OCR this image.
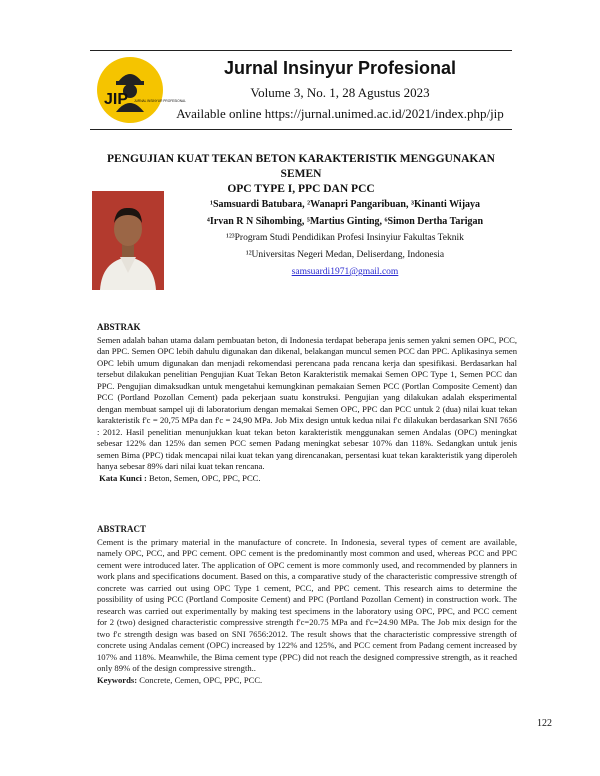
JIP JURNAL INSINYUR PROFESIONAL
Jurnal Insinyur Profesional
Volume 3, No. 1, 28 Agustus 2023
Available online https://jurnal.unimed.ac.id/2021/index.php/jip
PENGUJIAN KUAT TEKAN BETON KARAKTERISTIK MENGGUNAKAN SEMEN
OPC TYPE I, PPC DAN PCC
¹Samsuardi Batubara, ²Wanapri Pangaribuan, ³Kinanti Wijaya
⁴Irvan R N Sihombing, ⁵Martius Ginting, ⁶Simon Dertha Tarigan
¹²³Program Studi Pendidikan Profesi Insinyiur Fakultas Teknik
¹²Universitas Negeri Medan, Deliserdang, Indonesia
samsuardi1971@gmail.com
ABSTRAK
Semen adalah bahan utama dalam pembuatan beton, di Indonesia terdapat beberapa jenis semen yakni semen OPC, PCC, dan PPC. Semen OPC lebih dahulu digunakan dan dikenal, belakangan muncul semen PCC dan PPC. Aplikasinya semen OPC lebih umum digunakan dan menjadi rekomendasi perencana pada rencana kerja dan spesifikasi. Berdasarkan hal tersebut dilakukan penelitian Pengujian Kuat Tekan Beton Karakteristik memakai Semen OPC Type 1, Semen PCC dan PPC. Pengujian dimaksudkan untuk mengetahui kemungkinan pemakaian Semen PCC (Portlan Composite Cement) dan PCC (Portland Pozollan Cement) pada pekerjaan suatu konstruksi. Pengujian yang dilakukan adalah eksperimental dengan membuat sampel uji di laboratorium dengan memakai Semen OPC, PPC dan PCC untuk 2 (dua) nilai kuat tekan karakteristik f'c = 20,75 MPa dan f'c = 24,90 MPa. Job Mix design untuk kedua nilai f'c dilakukan berdasarkan SNI 7656 : 2012. Hasil penelitian menunjukkan kuat tekan beton karakteristik menggunakan semen Andalas (OPC) meningkat sebesar 122% dan 125% dan semen PCC semen Padang meningkat sebesar 107% dan 118%. Sedangkan untuk jenis semen Bima (PPC) tidak mencapai nilai kuat tekan yang direncanakan, persentasi kuat tekan karakteristik yang diperoleh hanya sebesar 89% dari nilai kuat tekan rencana.
Kata Kunci : Beton, Semen, OPC, PPC, PCC.
ABSTRACT
Cement is the primary material in the manufacture of concrete. In Indonesia, several types of cement are available, namely OPC, PCC, and PPC cement. OPC cement is the predominantly most common and used, whereas PCC and PPC cement were introduced later. The application of OPC cement is more commonly used, and recommended by planners in work plans and specifications document. Based on this, a comparative study of the characteristic compressive strength of concrete was carried out using OPC Type 1 cement, PCC, and PPC cement. This research aims to determine the possibility of using PCC (Portland Composite Cement) and PPC (Portland Pozollan Cement) in construction work. The research was carried out experimentally by making test specimens in the laboratory using OPC, PPC, and PCC cement for 2 (two) designed characteristic compressive strength f'c=20.75 MPa and f'c=24.90 MPa. The Job mix design for the two f'c strength design was based on SNI 7656:2012. The result shows that the characteristic compressive strength of concrete using Andalas cement (OPC) increased by 122% and 125%, and PCC cement from Padang cement increased by 107% and 118%. Meanwhile, the Bima cement type (PPC) did not reach the designed compressive strength, as it reached only 89% of the design compressive strength..
Keywords: Concrete, Cemen, OPC, PPC, PCC.
122
